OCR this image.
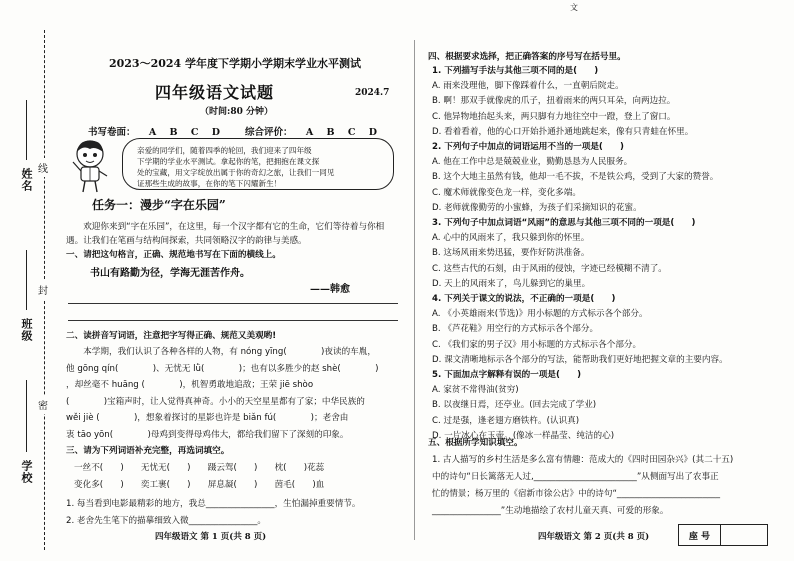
文
姓名
班级
学校
线
封
密
2023～2024 学年度下学期小学期末学业水平测试
四年级语文试题	2024.7
（时间:80 分钟）
书写卷面： A B C D	综合评价： A B C D
亲爱的同学们，随着四季的轮回，我们迎来了四年级
下学期的学业水平测试。拿起你的笔，把拥抱在课文探
处的宝藏，用文字绽放出属于你的奇幻之旅，让我们一同见
证那些生成的故事，在你的笔下闪耀新生！
任务一：漫步“字在乐园”
　　欢迎你来到“字在乐园”，在这里，每一个汉字都有它的生命，它们等待着与你相
遇。让我们在笔画与结构间探索，共同领略汉字的韵律与美感。
一、请把这句格言，正确、规范地书写在下面的横线上。
书山有路勤为径，学海无涯苦作舟。
——韩愈
二、读拼音写词语，注意把字写得正确、规范又美观哟!
　　本学期，我们认识了各种各样的人物，有 nóng yīng(　　　　)夜读的车胤，
他 gōng qín(　　　　)、无忧无 lǜ(　　　　)；也有以多胜少的赵 shè(　　　　)
，却丝毫不 huāng (　　　　)，机智勇敢地追敌；王荣 jiē shòo
(　　　　)宝箱声时，让人觉得真神奇。小小的天空星星都有了家；中华民族的
wěi jiè (　　　　)，想象着探讨的星影也许是 biǎn fú(　　　　)；老舍由
衷 tāo yōn(　　　　)母鸡到变得母鸡伟大，都给我们留下了深刻的印象。
三、请为下列词语补充完整，再选词填空。
一丝不(　　)　　无忧无(　　)　　蹑云驾(　　)　　枕(　　)花蕊
变化多(　　)　　奕工裹(　　)　　屏息凝(　　)　　茵毛(　　)血
1. 每当看到电影最精彩的地方，我总________________，生怕漏掉重要情节。
2. 老舍先生笔下的描摹细致入微________________。
四年级语文 第 1 页(共 8 页)
四、根据要求选择，把正确答案的序号写在括号里。
1. 下列描写手法与其他三项不同的是(　　)
A. 雨来没理他，脚下像踩着什么，一直朝后院走。
B. 啊！那双手就像虎的爪子，扭着雨来的两只耳朵，向两边拉。
C. 他异物地抬起头来，两只脚有力地往空中一蹬，登上了窗口。
D. 看着看着，他的心口开始扑通扑通地跳起来，像有只青蛙在怀里。
2. 下列句子中加点的词语运用不当的一项是(　　)
A. 他在工作中总是兢兢业业，勤勤恳恳为人民服务。
B. 这个大地主虽然有钱，他却一毛不拔，不是铁公鸡，受到了大家的赞誉。
C. 魔术师就像变色龙一样，变化多端。
D. 老师就像勤劳的小蜜蜂，为孩子们采摘知识的花蜜。
3. 下列句子中加点词语“风雨”的意思与其他三项不同的一项是(　　)
A. 心中的风雨来了，我只躲到你的怀里。
B. 这场风雨来势迅猛，要作好防洪准备。
C. 这些古代的石刻，由于风雨的侵蚀，字迹已经模糊不清了。
D. 天上的风雨来了，鸟儿躲到它的巢里。
4. 下列关于课文的说法，不正确的一项是(　　)
A. 《小英雄雨来(节选)》用小标题的方式标示各个部分。
B. 《芦花鞋》用空行的方式标示各个部分。
C. 《我们家的男子汉》用小标题的方式标示各个部分。
D. 课文清晰地标示各个部分的写法，能帮助我们更好地把握文章的主要内容。
5. 下面加点字解释有误的一项是(　　)
A. 家贫不常得油(贫穷)
B. 以夜继日焉，还亭业。(回去完成了学业)
C. 过是强，逢老翅方磨铁杵。(认识真)
D. 一片冰心在玉壶。(像冰一样晶莹、纯洁的心)
五、根据所学知识填空。
1. 古人描写的乡村生活是多么富有情趣：范成大的《四时田园杂兴》(其二十五)
中的诗句“日长篱落无人过,________________________”从侧面写出了农事正
忙的情景；杨万里的《宿新市徐公店》中的诗句“________________________
________________”生动地描绘了农村儿童天真、可爱的形象。
四年级语文 第 2 页(共 8 页)	座 号
